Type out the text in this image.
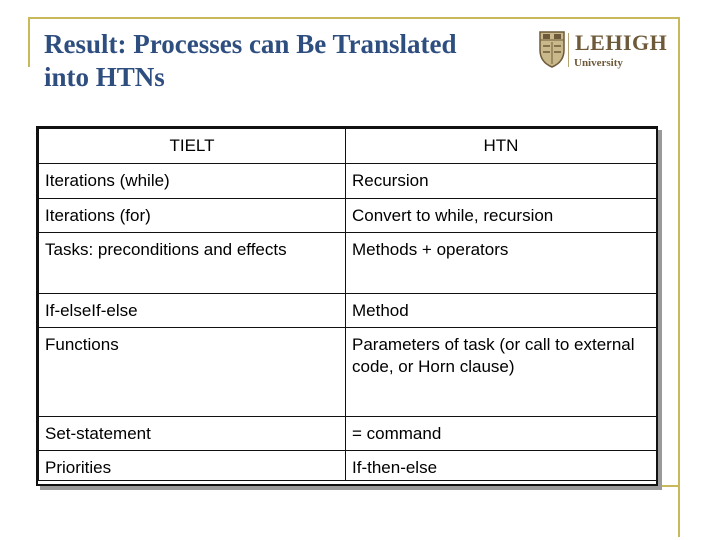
Result: Processes can Be Translated
into HTNs
LEHIGH
University
TIELT	HTN
Iterations (while)	Recursion
Iterations (for)	Convert to while, recursion
Tasks: preconditions and effects	Methods + operators
If-elseIf-else	Method
Functions	Parameters of task (or call to external code, or Horn clause)
Set-statement	= command
Priorities	If-then-else
